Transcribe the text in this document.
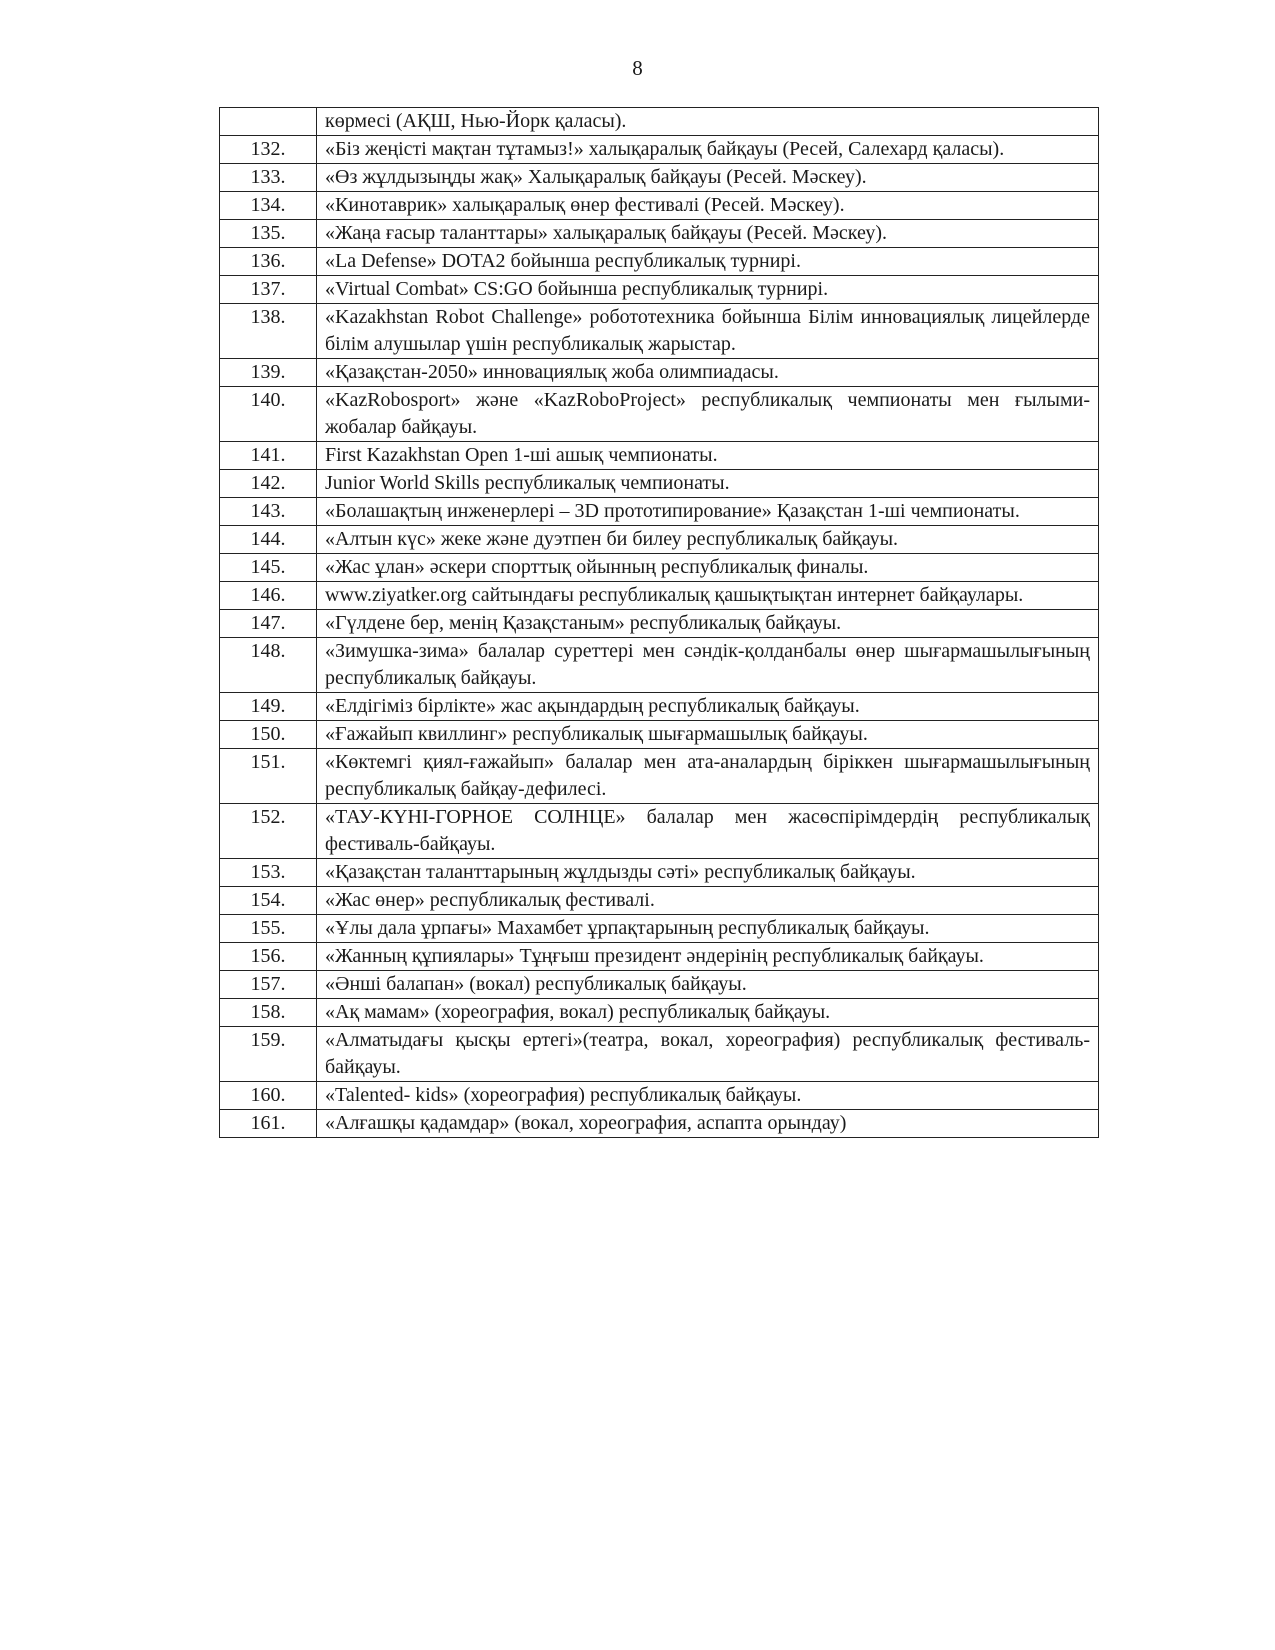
8
	көрмесі (АҚШ, Нью-Йорк қаласы).
132.	«Біз жеңісті мақтан тұтамыз!» халықаралық байқауы (Ресей, Салехард қаласы).
133.	«Өз жұлдызыңды жақ» Халықаралық байқауы (Ресей. Мәскеу).
134.	«Кинотаврик» халықаралық өнер фестивалі (Ресей. Мәскеу).
135.	«Жаңа ғасыр таланттары» халықаралық байқауы (Ресей. Мәскеу).
136.	«La Defense» DOTA2 бойынша республикалық турнирі.
137.	«Virtual Combat» CS:GO бойынша республикалық турнирі.
138.	«Kazakhstan Robot Challenge» робототехника бойынша Білім инновациялық лицейлерде білім алушылар үшін республикалық жарыстар.
139.	«Қазақстан-2050» инновациялық жоба олимпиадасы.
140.	«KazRobosport» және «KazRoboProject» республикалық чемпионаты мен ғылыми-жобалар байқауы.
141.	First Kazakhstan Open 1-ші ашық чемпионаты.
142.	Junior World Skills республикалық чемпионаты.
143.	«Болашақтың инженерлері – 3D прототипирование» Қазақстан 1-ші чемпионаты.
144.	«Алтын күс» жеке және дуэтпен би билеу республикалық байқауы.
145.	«Жас ұлан» әскери спорттық ойынның республикалық финалы.
146.	www.ziyatker.org сайтындағы республикалық қашықтықтан интернет байқаулары.
147.	«Гүлдене бер, менің Қазақстаным» республикалық байқауы.
148.	«Зимушка-зима» балалар суреттері мен сәндік-қолданбалы өнер шығармашылығының республикалық байқауы.
149.	«Елдігіміз бірлікте» жас ақындардың республикалық байқауы.
150.	«Ғажайып квиллинг» республикалық шығармашылық байқауы.
151.	«Көктемгі қиял-ғажайып» балалар мен ата-аналардың біріккен шығармашылығының республикалық байқау-дефилесі.
152.	«ТАУ-КҮНІ-ГОРНОЕ СОЛНЦЕ» балалар мен жасөспірімдердің республикалық фестиваль-байқауы.
153.	«Қазақстан таланттарының жұлдызды сәті» республикалық байқауы.
154.	«Жас өнер» республикалық фестивалі.
155.	«Ұлы дала ұрпағы» Махамбет ұрпақтарының республикалық байқауы.
156.	«Жанның құпиялары» Тұңғыш президент әндерінің республикалық байқауы.
157.	«Әнші балапан» (вокал) республикалық байқауы.
158.	«Ақ мамам» (хореография, вокал) республикалық байқауы.
159.	«Алматыдағы қысқы ертегі»(театра, вокал, хореография) республикалық фестиваль-байқауы.
160.	«Talented- kids» (хореография) республикалық байқауы.
161.	«Алғашқы қадамдар» (вокал, хореография, аспапта орындау)
